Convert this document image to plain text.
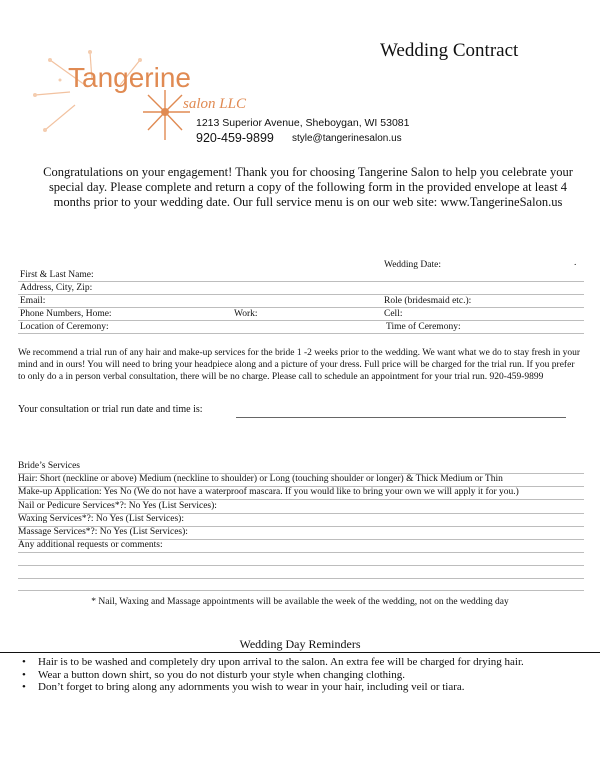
Wedding Contract
Tangerine
salon LLC
1213 Superior Avenue, Sheboygan, WI 53081
920-459-9899 style@tangerinesalon.us
Congratulations on your engagement! Thank you for choosing Tangerine Salon to help you celebrate your special day. Please complete and return a copy of the following form in the provided envelope at least 4 months prior to your wedding date. Our full service menu is on our web site: www.TangerineSalon.us
Wedding Date:	.
First & Last Name:
Address, City, Zip:
Email:	Role (bridesmaid etc.):
Phone Numbers, Home:	Work:	Cell:
Location of Ceremony:	Time of Ceremony:
We recommend a trial run of any hair and make-up services for the bride 1 -2 weeks prior to the wedding. We want what we do to stay fresh in your mind and in ours! You will need to bring your headpiece along and a picture of your dress. Full price will be charged for the trial run. If you prefer to only do a in person verbal consultation, there will be no charge. Please call to schedule an appointment for your trial run. 920-459-9899
Your consultation or trial run date and time is:
Bride’s Services
Hair: Short (neckline or above) Medium (neckline to shoulder) or Long (touching shoulder or longer) & Thick Medium or Thin
Make-up Application: Yes No (We do not have a waterproof mascara. If you would like to bring your own we will apply it for you.)
Nail or Pedicure Services*?: No Yes (List Services):
Waxing Services*?: No Yes (List Services):
Massage Services*?: No Yes (List Services):
Any additional requests or comments:
* Nail, Waxing and Massage appointments will be available the week of the wedding, not on the wedding day
Wedding Day Reminders
• Hair is to be washed and completely dry upon arrival to the salon. An extra fee will be charged for drying hair.
• Wear a button down shirt, so you do not disturb your style when changing clothing.
• Don’t forget to bring along any adornments you wish to wear in your hair, including veil or tiara.
